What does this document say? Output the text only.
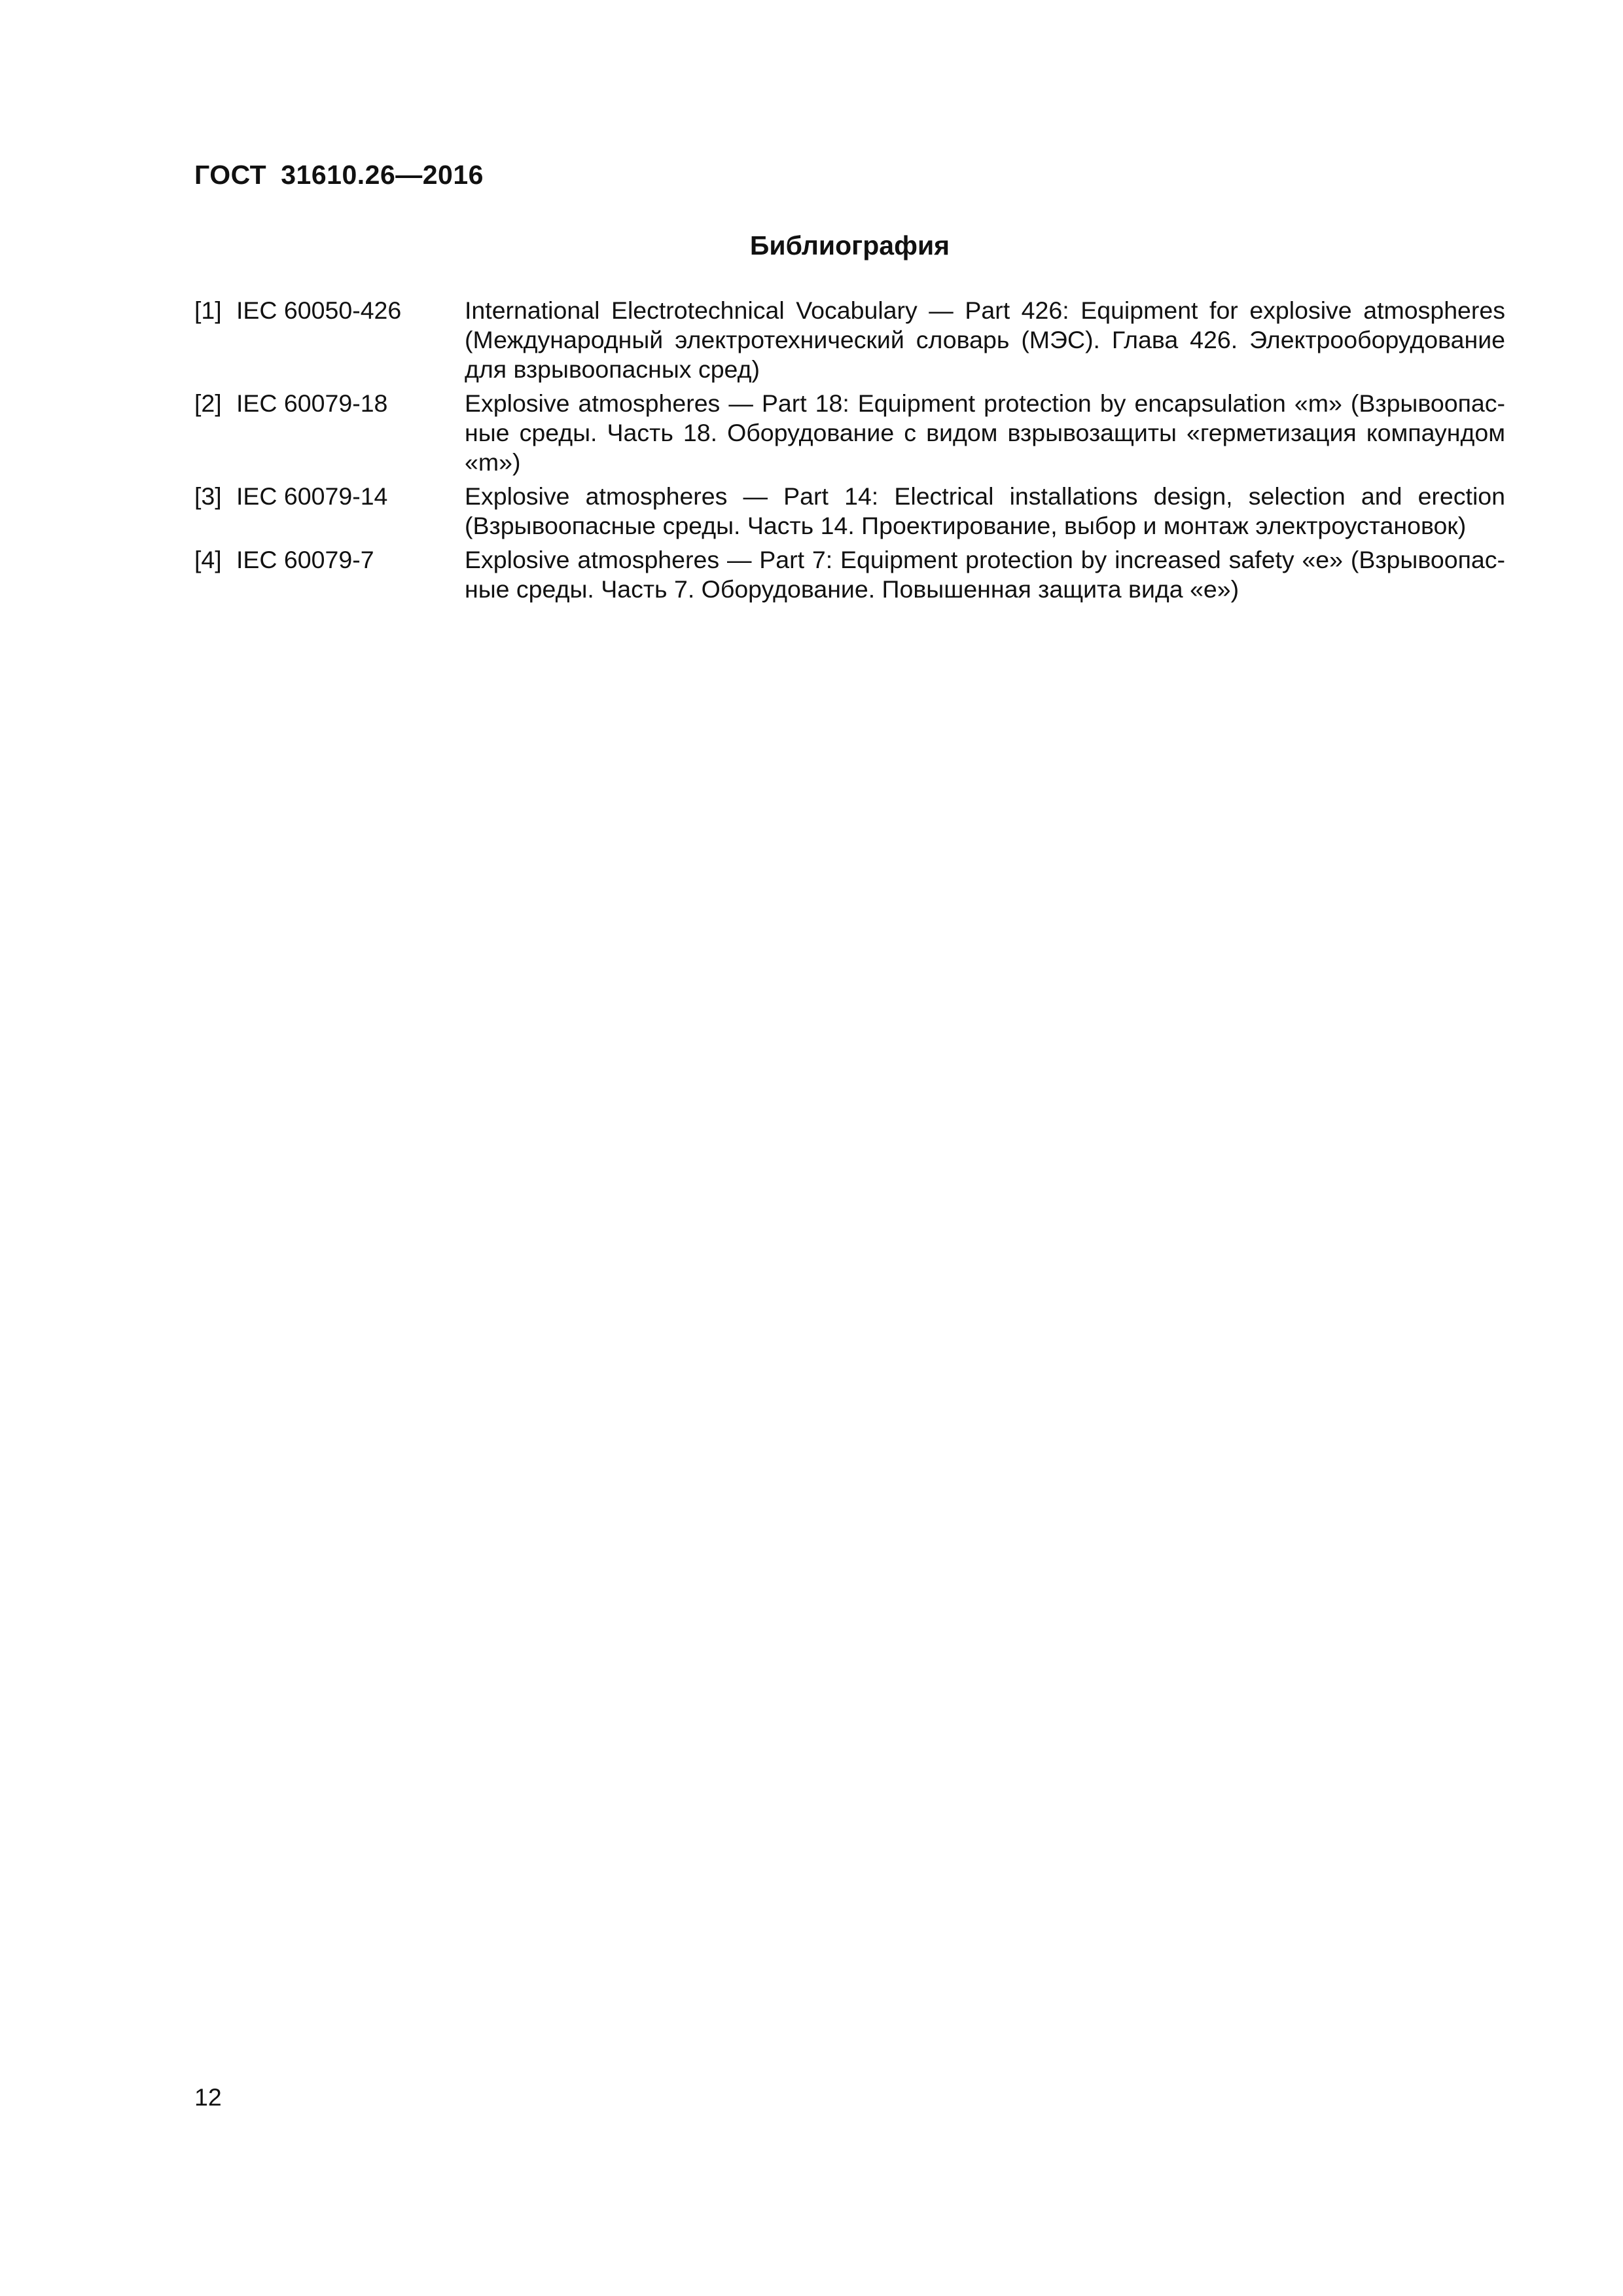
ГОСТ 31610.26—2016
Библиография
[1] IEC 60050-426	International Electrotechnical Vocabulary — Part 426: Equipment for explosive atmospheres (Международный электротехнический словарь (МЭС). Глава 426. Электрооборудование для взрывоопасных сред)
[2] IEC 60079-18	Explosive atmospheres — Part 18: Equipment protection by encapsulation «m» (Взрывоопасные среды. Часть 18. Оборудование с видом взрывозащиты «герметизация компаундом «m»)
[3] IEC 60079-14	Explosive atmospheres — Part 14: Electrical installations design, selection and erection (Взрывоопасные среды. Часть 14. Проектирование, выбор и монтаж электроустановок)
[4] IEC 60079-7	Explosive atmospheres — Part 7: Equipment protection by increased safety «e» (Взрывоопасные среды. Часть 7. Оборудование. Повышенная защита вида «e»)
12
